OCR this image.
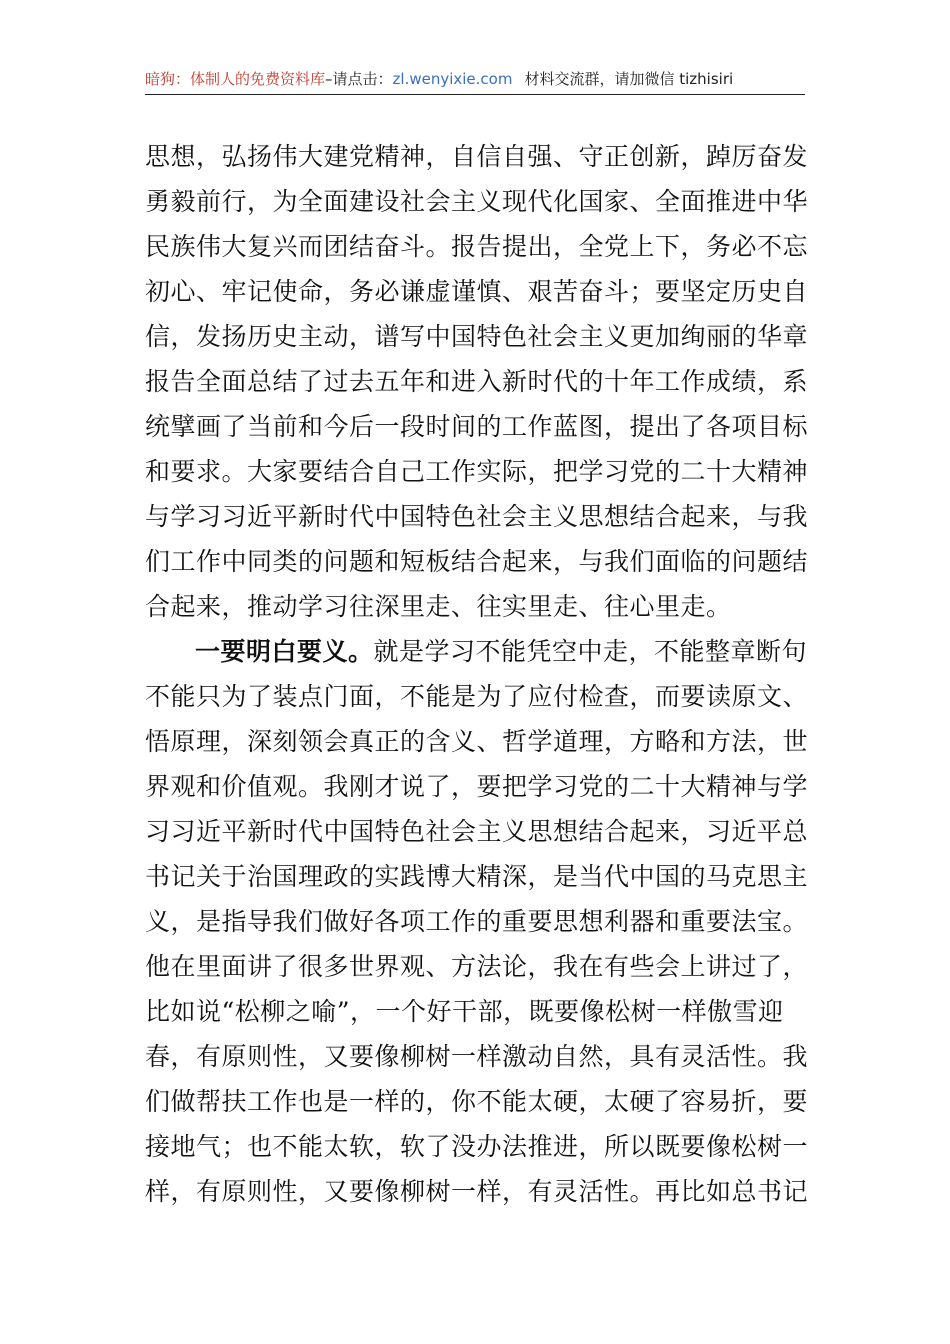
暗狗：体制人的免费资料库–请点击：zl.wenyixie.com 材料交流群，请加微信 tizhisiri
思想，弘扬伟大建党精神，自信自强、守正创新，踔厉奋发
勇毅前行，为全面建设社会主义现代化国家、全面推进中华
民族伟大复兴而团结奋斗。报告提出，全党上下，务必不忘
初心、牢记使命，务必谦虚谨慎、艰苦奋斗；要坚定历史自
信，发扬历史主动，谱写中国特色社会主义更加绚丽的华章
报告全面总结了过去五年和进入新时代的十年工作成绩，系
统擘画了当前和今后一段时间的工作蓝图，提出了各项目标
和要求。大家要结合自己工作实际，把学习党的二十大精神
与学习习近平新时代中国特色社会主义思想结合起来，与我
们工作中同类的问题和短板结合起来，与我们面临的问题结
合起来，推动学习往深里走、往实里走、往心里走。
一要明白要义。就是学习不能凭空中走，不能整章断句
不能只为了装点门面，不能是为了应付检查，而要读原文、
悟原理，深刻领会真正的含义、哲学道理，方略和方法，世
界观和价值观。我刚才说了，要把学习党的二十大精神与学
习习近平新时代中国特色社会主义思想结合起来，习近平总
书记关于治国理政的实践博大精深，是当代中国的马克思主
义，是指导我们做好各项工作的重要思想利器和重要法宝。
他在里面讲了很多世界观、方法论，我在有些会上讲过了，
比如说“松柳之喻”，一个好干部，既要像松树一样傲雪迎
春，有原则性，又要像柳树一样激动自然，具有灵活性。我
们做帮扶工作也是一样的，你不能太硬，太硬了容易折，要
接地气；也不能太软，软了没办法推进，所以既要像松树一
样，有原则性，又要像柳树一样，有灵活性。再比如总书记
